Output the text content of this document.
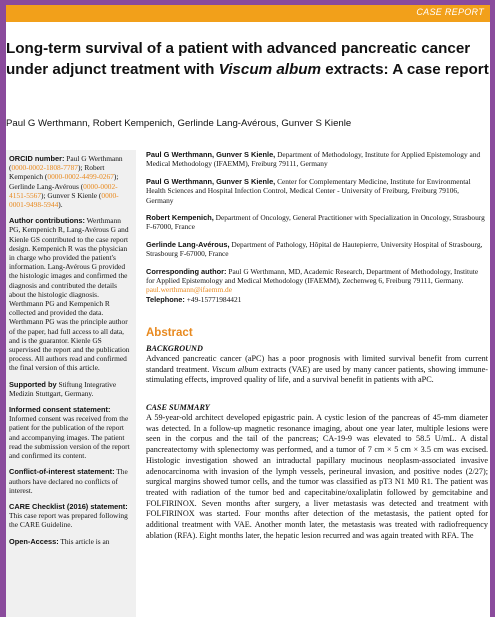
CASE REPORT
Long-term survival of a patient with advanced pancreatic cancer under adjunct treatment with Viscum album extracts: A case report
Paul G Werthmann, Robert Kempenich, Gerlinde Lang-Avérous, Gunver S Kienle

ORCID number: Paul G Werthmann (0000-0002-1808-7787); Robert Kempenich (0000-0002-4499-0267); Gerlinde Lang-Avérous (0000-0002-4151-5567); Gunver S Kienle (0000-0001-9498-5944).

Author contributions: Werthmann PG, Kempenich R, Lang-Avérous G and Kienle GS contributed to the case report design. Kempenich R was the physician in charge who provided the patient's information. Lang-Avérous G provided the histologic images and confirmed the diagnosis and contributed the details about the histologic diagnosis. Werthmann PG and Kempenich R collected and provided the data. Werthmann PG was the principle author of the paper, had full access to all data, and is the guarantor. Kienle GS supervised the report and the publication process. All authors read and confirmed the final version of this article.

Supported by Stiftung Integrative Medizin Stuttgart, Germany.

Informed consent statement: Informed consent was received from the patient for the publication of the report and accompanying images. The patient read the submission version of the report and confirmed its content.

Conflict-of-interest statement: The authors have declared no conflicts of interest.

CARE Checklist (2016) statement: This case report was prepared following the CARE Guideline.

Open-Access: This article is an

Paul G Werthmann, Gunver S Kienle, Department of Methodology, Institute for Applied Epistemology and Medical Methodology (IFAEMM), Freiburg 79111, Germany

Paul G Werthmann, Gunver S Kienle, Center for Complementary Medicine, Institute for Environmental Health Sciences and Hospital Infection Control, Medical Center - University of Freiburg, Freiburg 79106, Germany

Robert Kempenich, Department of Oncology, General Practitioner with Specialization in Oncology, Strasbourg F-67000, France

Gerlinde Lang-Avérous, Department of Pathology, Hôpital de Hautepierre, University Hospital of Strasbourg, Strasbourg F-67000, France

Corresponding author: Paul G Werthmann, MD, Academic Research, Department of Methodology, Institute for Applied Epistemology and Medical Methodology (IFAEMM), Zechenweg 6, Freiburg 79111, Germany. paul.werthmann@ifaemm.de
Telephone: +49-15771984421

Abstract

BACKGROUND

Advanced pancreatic cancer (aPC) has a poor prognosis with limited survival benefit from current standard treatment. Viscum album extracts (VAE) are used by many cancer patients, showing immune-stimulating effects, improved quality of life, and a survival benefit in patients with aPC.

CASE SUMMARY

A 59-year-old architect developed epigastric pain. A cystic lesion of the pancreas of 45-mm diameter was detected. In a follow-up magnetic resonance imaging, about one year later, multiple lesions were seen in the corpus and the tail of the pancreas; CA-19-9 was elevated to 58.5 U/mL. A distal pancreatectomy with splenectomy was performed, and a tumor of 7 cm × 5 cm × 3.5 cm was excised. Histologic investigation showed an intraductal papillary mucinous neoplasm-associated invasive adenocarcinoma with invasion of the lymph vessels, perineural invasion, and positive nodes (2/27); surgical margins showed tumor cells, and the tumor was classified as pT3 N1 M0 R1. The patient was treated with radiation of the tumor bed and capecitabine/oxaliplatin followed by gemcitabine and FOLFIRINOX. Seven months after surgery, a liver metastasis was detected and treatment with FOLFIRINOX was started. Four months after detection of the metastasis, the patient opted for additional treatment with VAE. Another month later, the metastasis was treated with radiofrequency ablation (RFA). Eight months later, the hepatic lesion recurred and was again treated with RFA. The
